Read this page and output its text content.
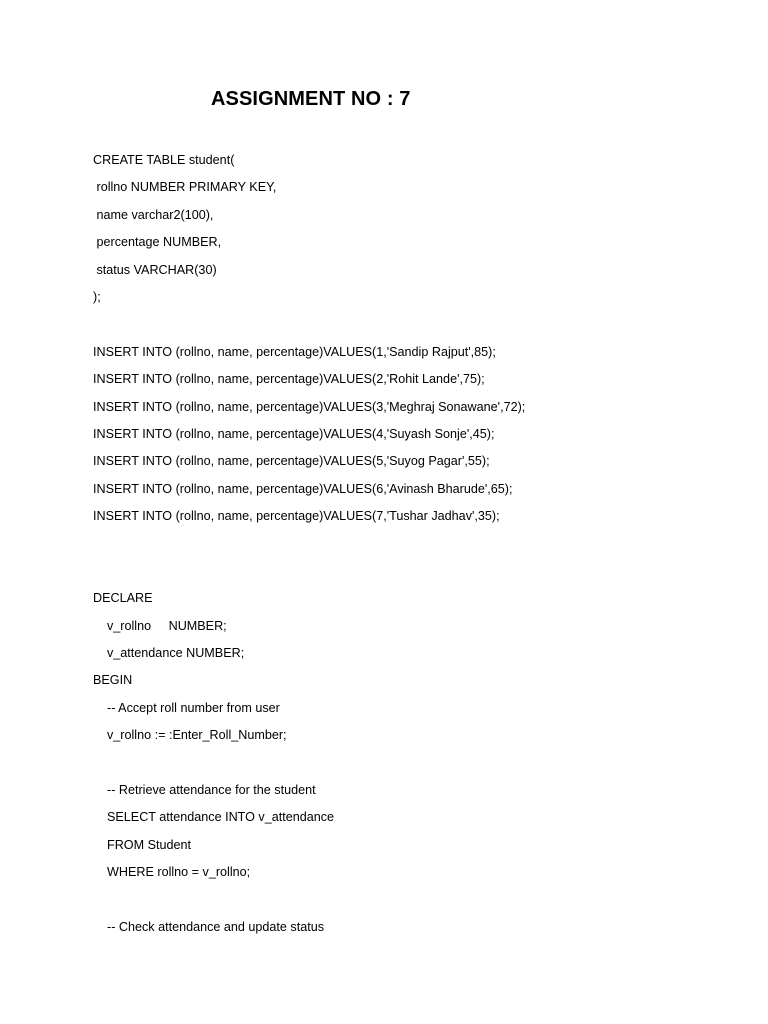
ASSIGNMENT NO : 7
CREATE TABLE student(
rollno NUMBER PRIMARY KEY,
name varchar2(100),
percentage NUMBER,
status VARCHAR(30)
);
INSERT INTO (rollno, name, percentage)VALUES(1,'Sandip Rajput',85);
INSERT INTO (rollno, name, percentage)VALUES(2,'Rohit Lande',75);
INSERT INTO (rollno, name, percentage)VALUES(3,'Meghraj Sonawane',72);
INSERT INTO (rollno, name, percentage)VALUES(4,'Suyash Sonje',45);
INSERT INTO (rollno, name, percentage)VALUES(5,'Suyog Pagar',55);
INSERT INTO (rollno, name, percentage)VALUES(6,'Avinash Bharude',65);
INSERT INTO (rollno, name, percentage)VALUES(7,'Tushar Jadhav',35);
DECLARE
v_rollno     NUMBER;
v_attendance NUMBER;
BEGIN
-- Accept roll number from user
v_rollno := :Enter_Roll_Number;
-- Retrieve attendance for the student
SELECT attendance INTO v_attendance
FROM Student
WHERE rollno = v_rollno;
-- Check attendance and update status
